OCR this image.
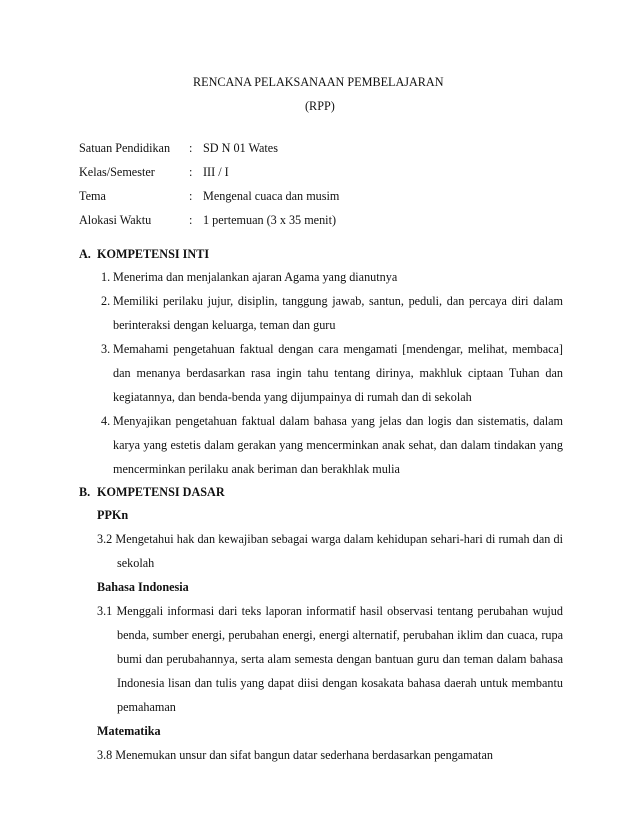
RENCANA PELAKSANAAN PEMBELAJARAN
(RPP)
Satuan Pendidikan	: SD N 01 Wates
Kelas/Semester	: III / I
Tema	: Mengenal cuaca dan musim
Alokasi Waktu	: 1 pertemuan (3 x 35 menit)
A. KOMPETENSI INTI
1. Menerima dan menjalankan ajaran Agama yang dianutnya
2. Memiliki perilaku jujur, disiplin, tanggung jawab, santun, peduli, dan percaya diri dalam berinteraksi dengan keluarga, teman dan guru
3. Memahami pengetahuan faktual dengan cara mengamati [mendengar, melihat, membaca] dan menanya berdasarkan rasa ingin tahu tentang dirinya, makhluk ciptaan Tuhan dan kegiatannya, dan benda-benda yang dijumpainya di rumah dan di sekolah
4. Menyajikan pengetahuan faktual dalam bahasa yang jelas dan logis dan sistematis, dalam karya yang estetis dalam gerakan yang mencerminkan anak sehat, dan dalam tindakan yang mencerminkan perilaku anak beriman dan berakhlak mulia
B. KOMPETENSI DASAR
PPKn
3.2 Mengetahui hak dan kewajiban sebagai warga dalam kehidupan sehari-hari di rumah dan di sekolah
Bahasa Indonesia
3.1 Menggali informasi dari teks laporan informatif hasil observasi tentang perubahan wujud benda, sumber energi, perubahan energi, energi alternatif, perubahan iklim dan cuaca, rupa bumi dan perubahannya, serta alam semesta dengan bantuan guru dan teman dalam bahasa Indonesia lisan dan tulis yang dapat diisi dengan kosakata bahasa daerah untuk membantu pemahaman
Matematika
3.8 Menemukan unsur dan sifat bangun datar sederhana berdasarkan pengamatan
